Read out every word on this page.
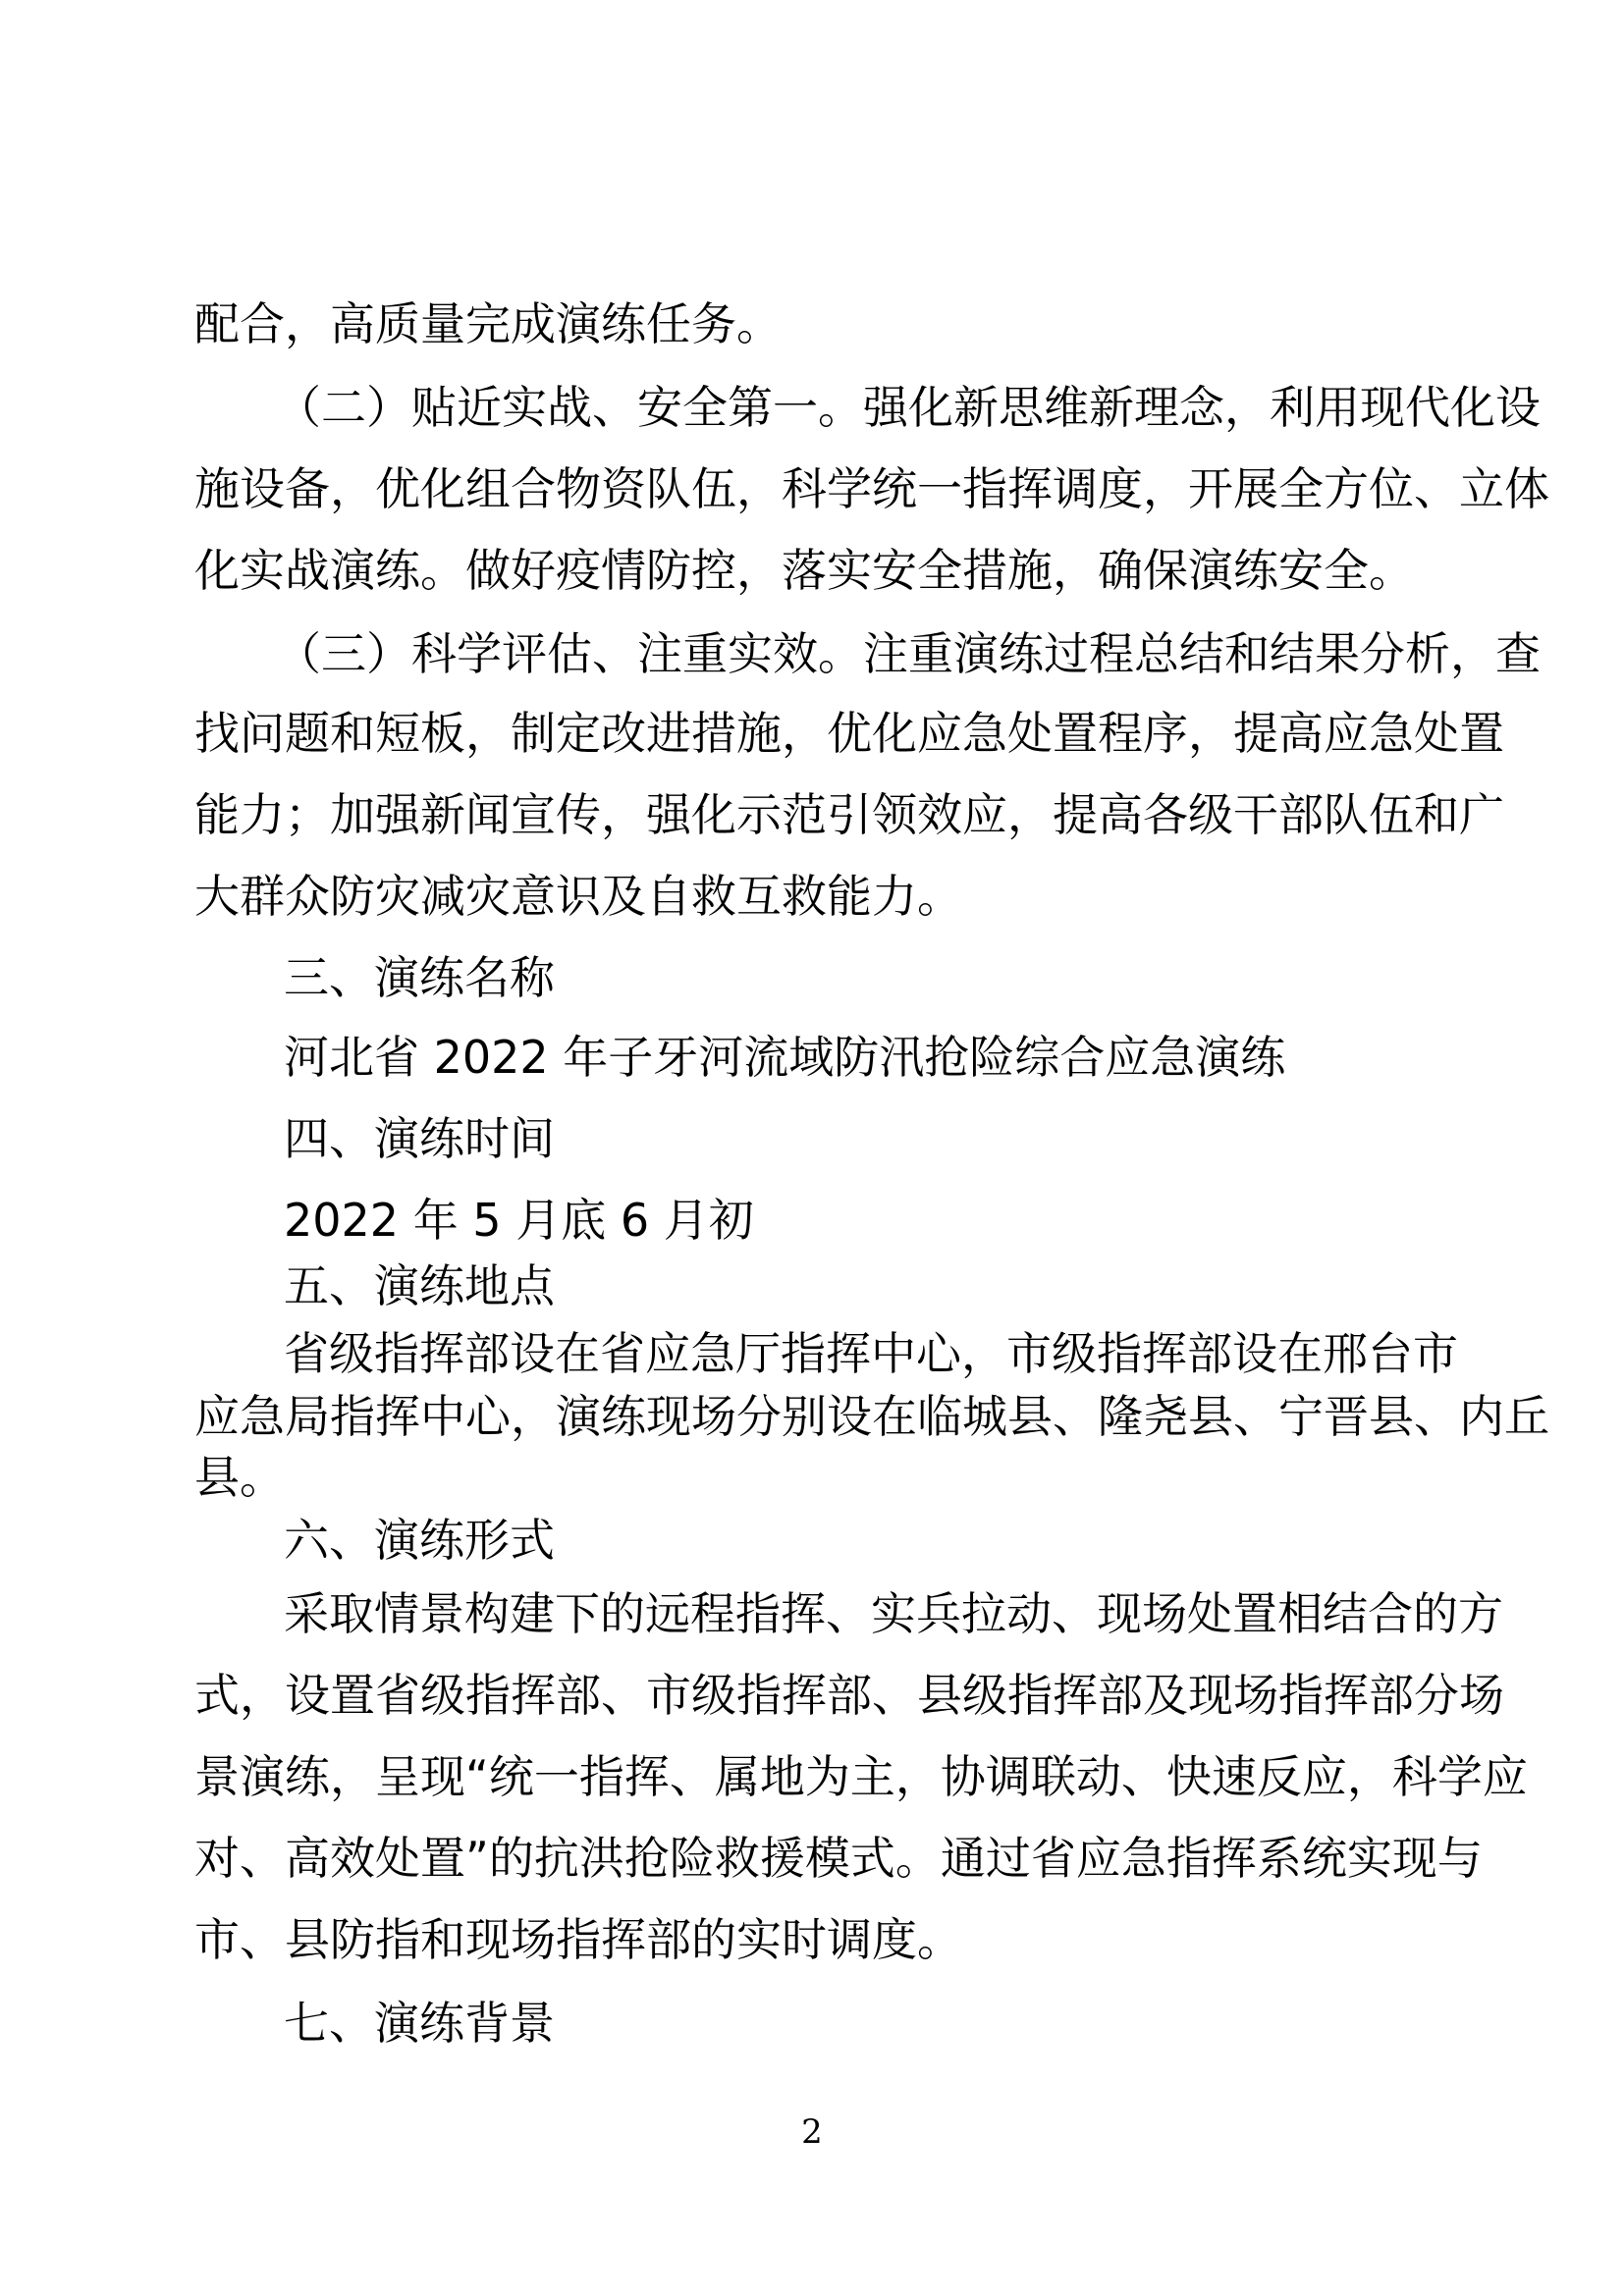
配合，高质量完成演练任务。
（二）贴近实战、安全第一。强化新思维新理念，利用现代化设
施设备，优化组合物资队伍，科学统一指挥调度，开展全方位、立体
化实战演练。做好疫情防控，落实安全措施，确保演练安全。
（三）科学评估、注重实效。注重演练过程总结和结果分析，查
找问题和短板，制定改进措施，优化应急处置程序，提高应急处置
能力；加强新闻宣传，强化示范引领效应，提高各级干部队伍和广
大群众防灾减灾意识及自救互救能力。
三、演练名称
河北省 2022 年子牙河流域防汛抢险综合应急演练
四、演练时间
2022 年 5 月底 6 月初
五、演练地点
省级指挥部设在省应急厅指挥中心，市级指挥部设在邢台市
应急局指挥中心，演练现场分别设在临城县、隆尧县、宁晋县、内丘
县。
六、演练形式
采取情景构建下的远程指挥、实兵拉动、现场处置相结合的方
式，设置省级指挥部、市级指挥部、县级指挥部及现场指挥部分场
景演练，呈现“统一指挥、属地为主，协调联动、快速反应，科学应
对、高效处置”的抗洪抢险救援模式。通过省应急指挥系统实现与
市、县防指和现场指挥部的实时调度。
七、演练背景
2
